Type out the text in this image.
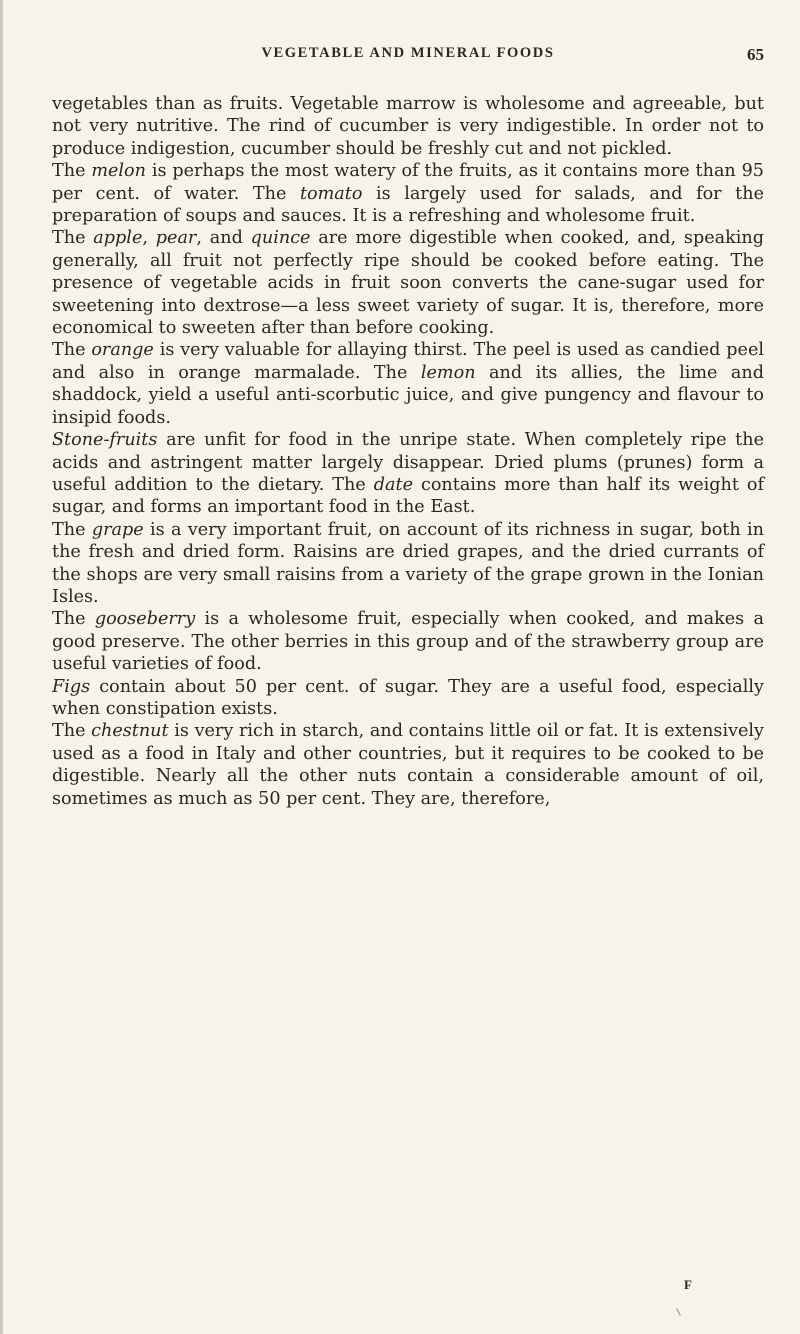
VEGETABLE AND MINERAL FOODS	65

vegetables than as fruits. Vegetable marrow is wholesome and agreeable, but not very nutritive. The rind of cucumber is very indigestible. In order not to produce indigestion, cucumber should be freshly cut and not pickled.

The melon is perhaps the most watery of the fruits, as it contains more than 95 per cent. of water. The tomato is largely used for salads, and for the preparation of soups and sauces. It is a refreshing and wholesome fruit.

The apple, pear, and quince are more digestible when cooked, and, speaking generally, all fruit not perfectly ripe should be cooked before eating. The presence of vegetable acids in fruit soon converts the cane-sugar used for sweetening into dextrose—a less sweet variety of sugar. It is, therefore, more economical to sweeten after than before cooking.

The orange is very valuable for allaying thirst. The peel is used as candied peel and also in orange marmalade. The lemon and its allies, the lime and shaddock, yield a useful anti-scorbutic juice, and give pungency and flavour to insipid foods.

Stone-fruits are unfit for food in the unripe state. When completely ripe the acids and astringent matter largely disappear. Dried plums (prunes) form a useful addition to the dietary. The date contains more than half its weight of sugar, and forms an important food in the East.

The grape is a very important fruit, on account of its richness in sugar, both in the fresh and dried form. Raisins are dried grapes, and the dried currants of the shops are very small raisins from a variety of the grape grown in the Ionian Isles.

The gooseberry is a wholesome fruit, especially when cooked, and makes a good preserve. The other berries in this group and of the strawberry group are useful varieties of food.

Figs contain about 50 per cent. of sugar. They are a useful food, especially when constipation exists.

The chestnut is very rich in starch, and contains little oil or fat. It is extensively used as a food in Italy and other countries, but it requires to be cooked to be digestible. Nearly all the other nuts contain a considerable amount of oil, sometimes as much as 50 per cent. They are, therefore,

F
